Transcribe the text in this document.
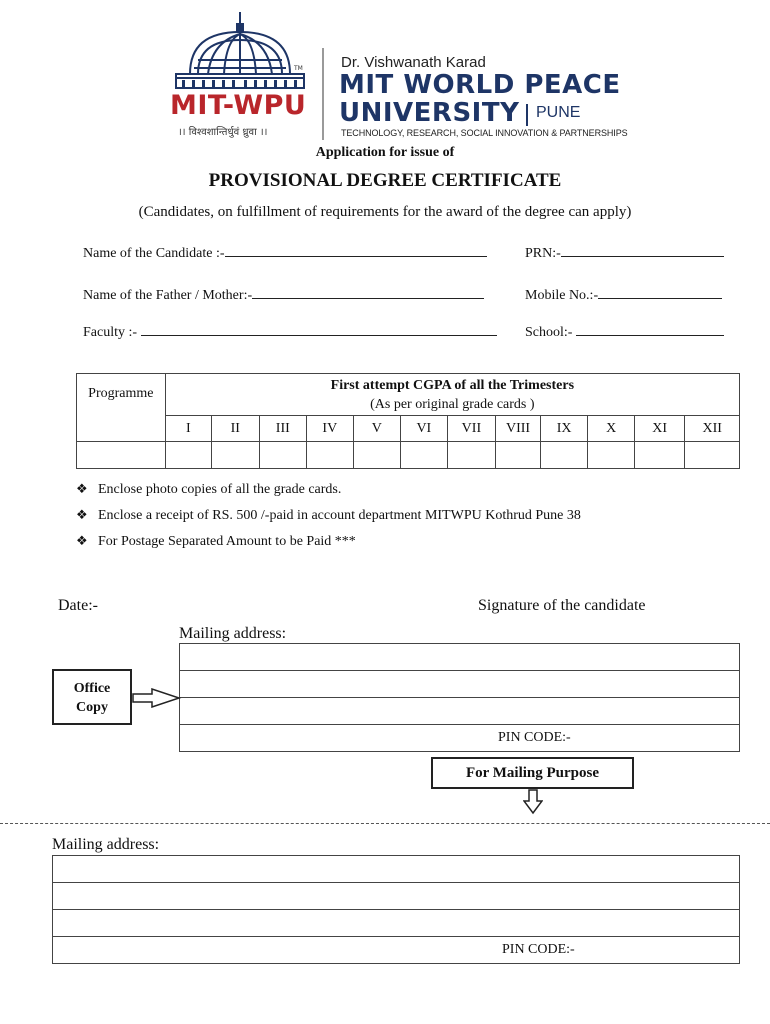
TM
MIT-WPU
।। विश्वशान्तिर्धुवं ध्रुवा ।।
Dr. Vishwanath Karad
MIT WORLD PEACE
UNIVERSITY PUNE
TECHNOLOGY, RESEARCH, SOCIAL INNOVATION & PARTNERSHIPS
Application for issue of
PROVISIONAL DEGREE CERTIFICATE
(Candidates, on fulfillment of requirements for the award of the degree can apply)
Name of the Candidate :-	PRN:-
Name of the Father / Mother:-	Mobile No.:-
Faculty :-	School:-
Programme	First attempt CGPA of all the Trimesters
(As per original grade cards )											

	I	II	III	IV	V	VI	VII	VIII	IX	X	XI	XII

❖ Enclose photo copies of all the grade cards.
❖ Enclose a receipt of RS. 500 /-paid in account department MITWPU Kothrud Pune 38
❖ For Postage Separated Amount to be Paid ***
Date:-	Signature of the candidate
Mailing address:
PIN CODE:-
Office
Copy
For Mailing Purpose
Mailing address:
PIN CODE:-
